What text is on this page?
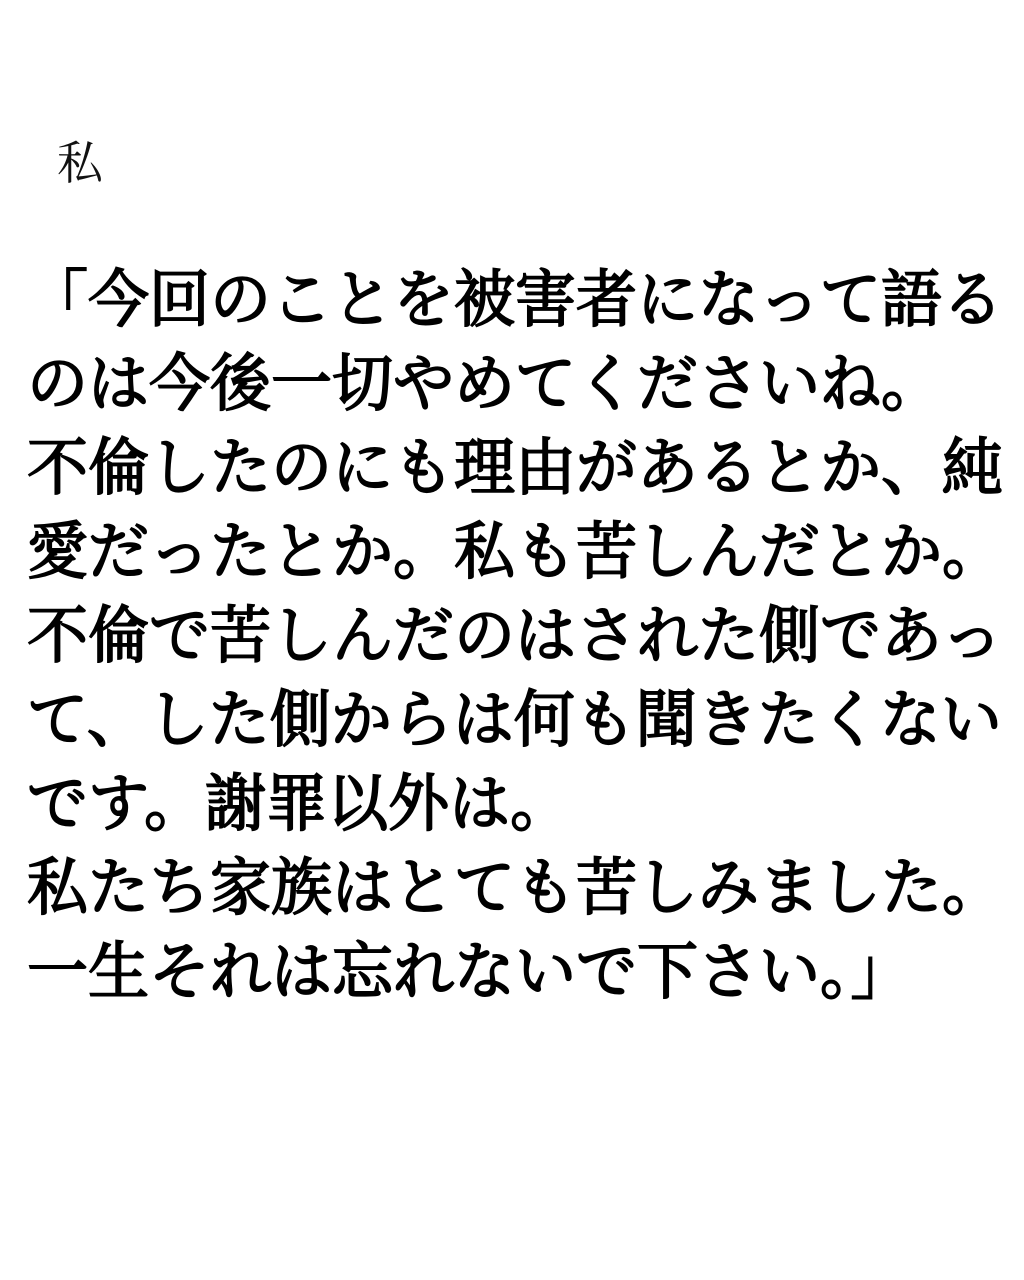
私
「今回のことを被害者になって語る
のは今後一切やめてくださいね。
不倫したのにも理由があるとか、純
愛だったとか。私も苦しんだとか。
不倫で苦しんだのはされた側であっ
て、した側からは何も聞きたくない
です。謝罪以外は。
私たち家族はとても苦しみました。
一生それは忘れないで下さい。」
